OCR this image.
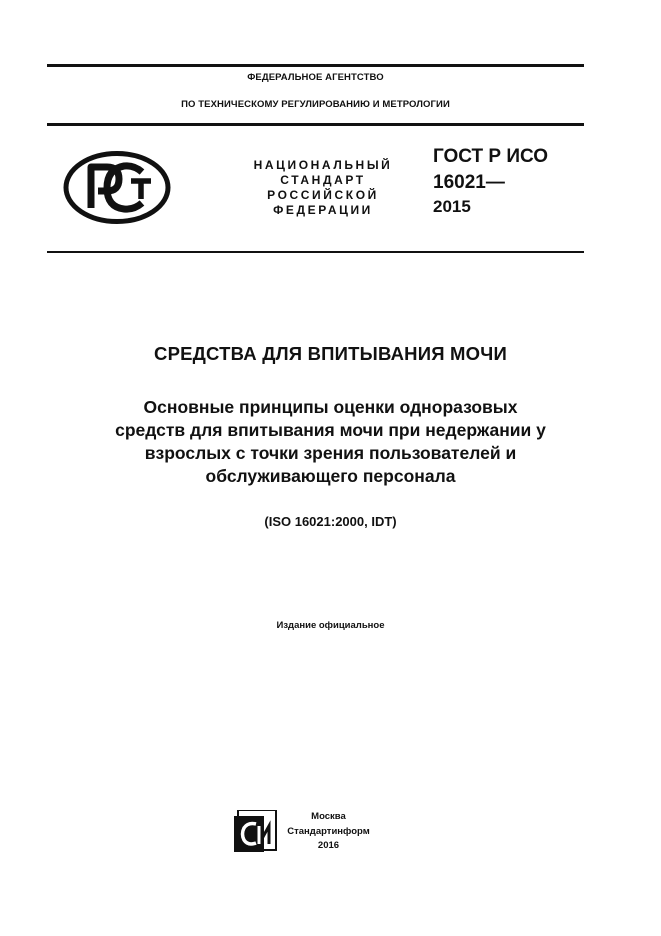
ФЕДЕРАЛЬНОЕ АГЕНТСТВО
ПО ТЕХНИЧЕСКОМУ РЕГУЛИРОВАНИЮ И МЕТРОЛОГИИ
НАЦИОНАЛЬНЫЙ
СТАНДАРТ
РОССИЙСКОЙ
ФЕДЕРАЦИИ
ГОСТ Р ИСО
16021—
2015
СРЕДСТВА ДЛЯ ВПИТЫВАНИЯ МОЧИ
Основные принципы оценки одноразовых
средств для впитывания мочи при недержании у
взрослых с точки зрения пользователей и
обслуживающего персонала
(ISO 16021:2000, IDT)
Издание официальное
Москва
Стандартинформ
2016
